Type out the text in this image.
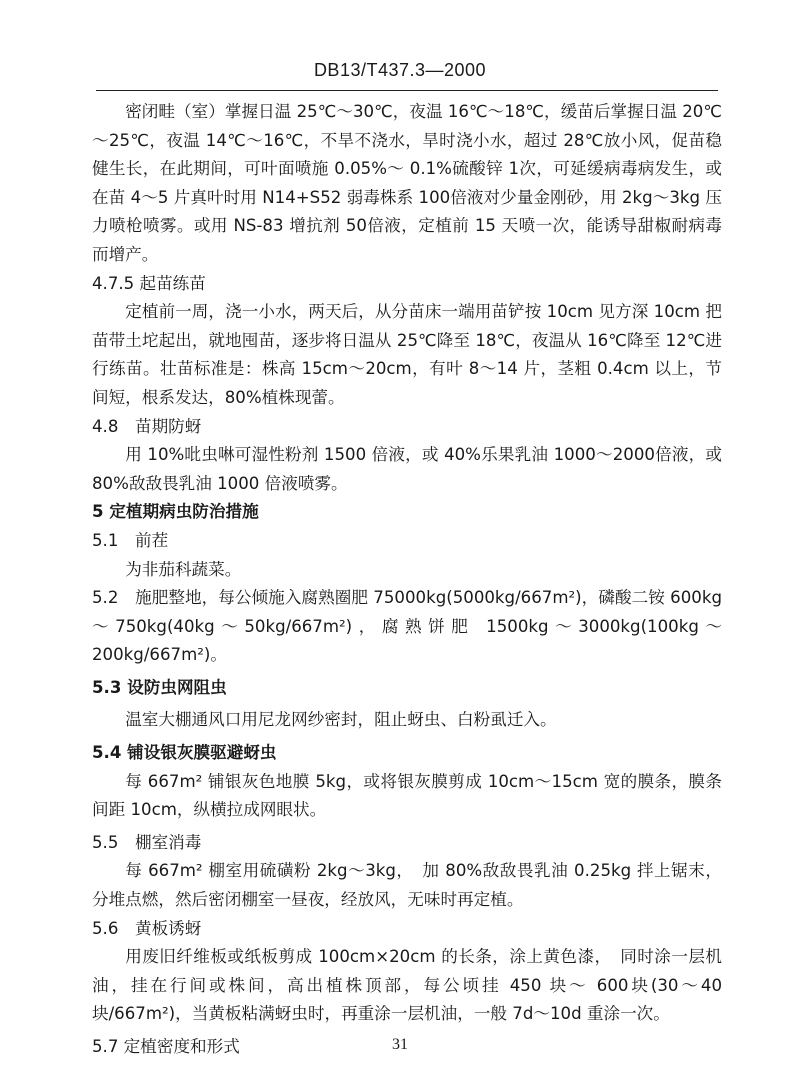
DB13/T437.3—2000

密闭畦（室）掌握日温 25℃～30℃，夜温 16℃～18℃，缓苗后掌握日温 20℃～25℃，夜温 14℃～16℃，不旱不浇水，旱时浇小水，超过 28℃放小风，促苗稳健生长，在此期间，可叶面喷施 0.05%～ 0.1%硫酸锌 1次，可延缓病毒病发生，或在苗 4～5 片真叶时用 N14+S52 弱毒株系 100倍液对少量金刚砂，用 2kg～3kg 压力喷枪喷雾。或用 NS-83 增抗剂 50倍液，定植前 15 天喷一次，能诱导甜椒耐病毒而增产。

4.7.5 起苗练苗

定植前一周，浇一小水，两天后，从分苗床一端用苗铲按 10cm 见方深 10cm 把苗带土坨起出，就地囤苗，逐步将日温从 25℃降至 18℃，夜温从 16℃降至 12℃进行练苗。壮苗标准是：株高 15cm～20cm，有叶 8～14 片，茎粗 0.4cm 以上，节间短，根系发达，80%植株现蕾。

4.8　苗期防蚜

用 10%吡虫啉可湿性粉剂 1500 倍液，或 40%乐果乳油 1000～2000倍液，或 80%敌敌畏乳油 1000 倍液喷雾。

5 定植期病虫防治措施

5.1　前茬

为非茄科蔬菜。

5.2　施肥整地，每公倾施入腐熟圈肥 75000kg(5000kg/667m²)，磷酸二铵 600kg～750kg(40kg～50kg/667m²)，腐熟饼肥 1500kg～3000kg(100kg～200kg/667m²)。

5.3 设防虫网阻虫

温室大棚通风口用尼龙网纱密封，阻止蚜虫、白粉虱迁入。

5.4 铺设银灰膜驱避蚜虫

每 667m² 铺银灰色地膜 5kg，或将银灰膜剪成 10cm～15cm 宽的膜条，膜条间距 10cm，纵横拉成网眼状。

5.5　棚室消毒

每 667m² 棚室用硫磺粉 2kg～3kg，　加 80%敌敌畏乳油 0.25kg 拌上锯末，分堆点燃，然后密闭棚室一昼夜，经放风，无味时再定植。

5.6　黄板诱蚜

用废旧纤维板或纸板剪成 100cm×20cm 的长条，涂上黄色漆，　同时涂一层机油，挂在行间或株间，高出植株顶部，每公顷挂 450 块～ 600块(30～40 块/667m²)，当黄板粘满蚜虫时，再重涂一层机油，一般 7d～10d 重涂一次。

5.7 定植密度和形式	31
